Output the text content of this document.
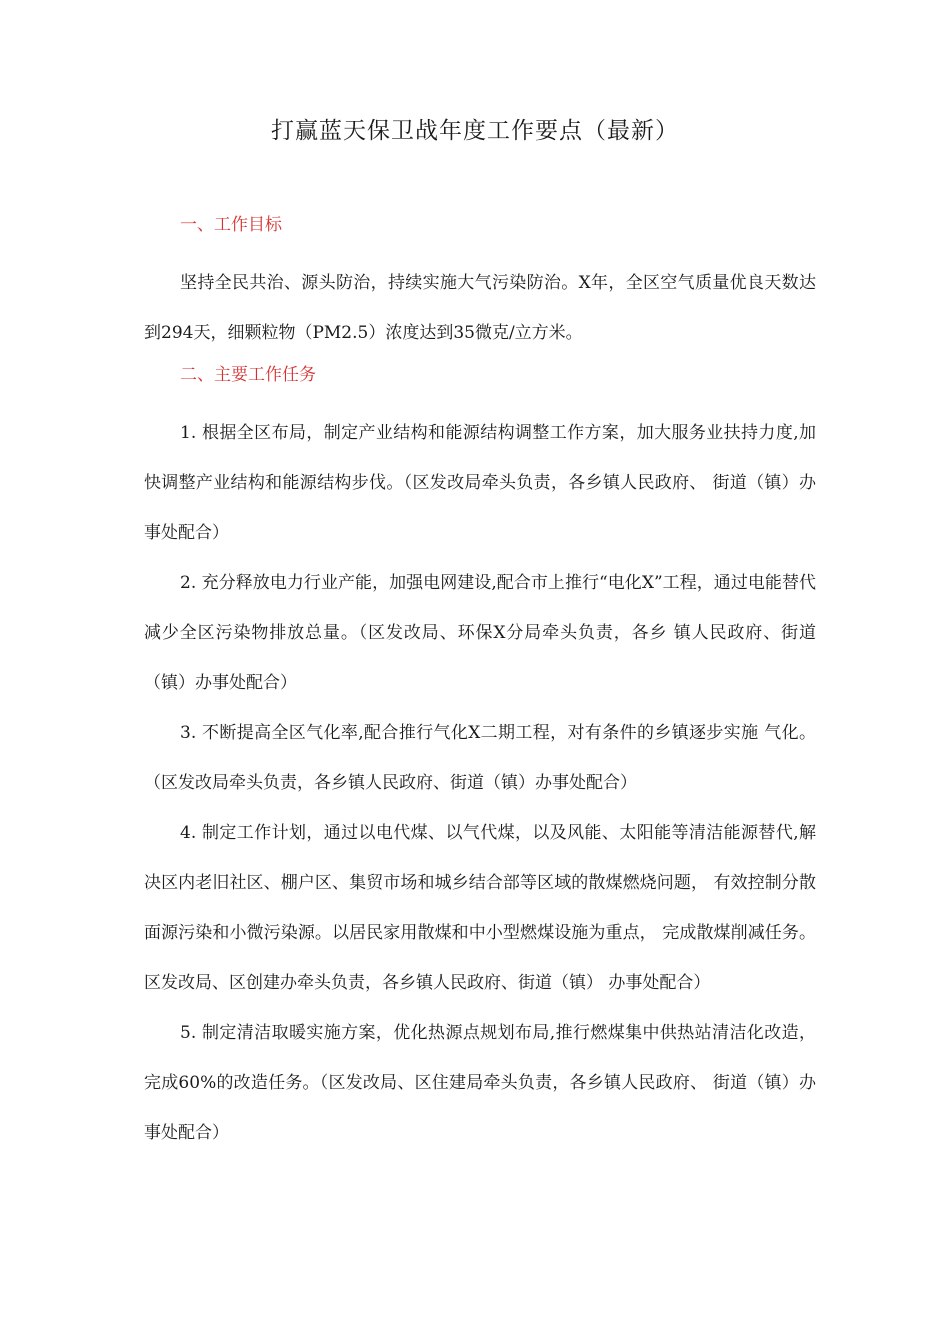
打赢蓝天保卫战年度工作要点（最新）

一、工作目标

坚持全民共治、源头防治，持续实施大气污染防治。X年，全区空气质量优良天数达到294天，细颗粒物（PM2.5）浓度达到35微克/立方米。

二、主要工作任务

1. 根据全区布局，制定产业结构和能源结构调整工作方案，加大服务业扶持力度,加快调整产业结构和能源结构步伐。（区发改局牵头负责，各乡镇人民政府、 街道（镇）办事处配合）

2. 充分释放电力行业产能，加强电网建设,配合市上推行“电化X”工程，通过电能替代减少全区污染物排放总量。（区发改局、环保X分局牵头负责，各乡 镇人民政府、街道（镇）办事处配合）

3. 不断提高全区气化率,配合推行气化X二期工程，对有条件的乡镇逐步实施 气化。（区发改局牵头负责，各乡镇人民政府、街道（镇）办事处配合）

4. 制定工作计划，通过以电代煤、以气代煤，以及风能、太阳能等清洁能源替代,解决区内老旧社区、棚户区、集贸市场和城乡结合部等区域的散煤燃烧问题， 有效控制分散面源污染和小微污染源。以居民家用散煤和中小型燃煤设施为重点， 完成散煤削减任务。区发改局、区创建办牵头负责，各乡镇人民政府、街道（镇） 办事处配合）

5. 制定清洁取暖实施方案，优化热源点规划布局,推行燃煤集中供热站清洁化改造，完成60%的改造任务。（区发改局、区住建局牵头负责，各乡镇人民政府、 街道（镇）办事处配合）
